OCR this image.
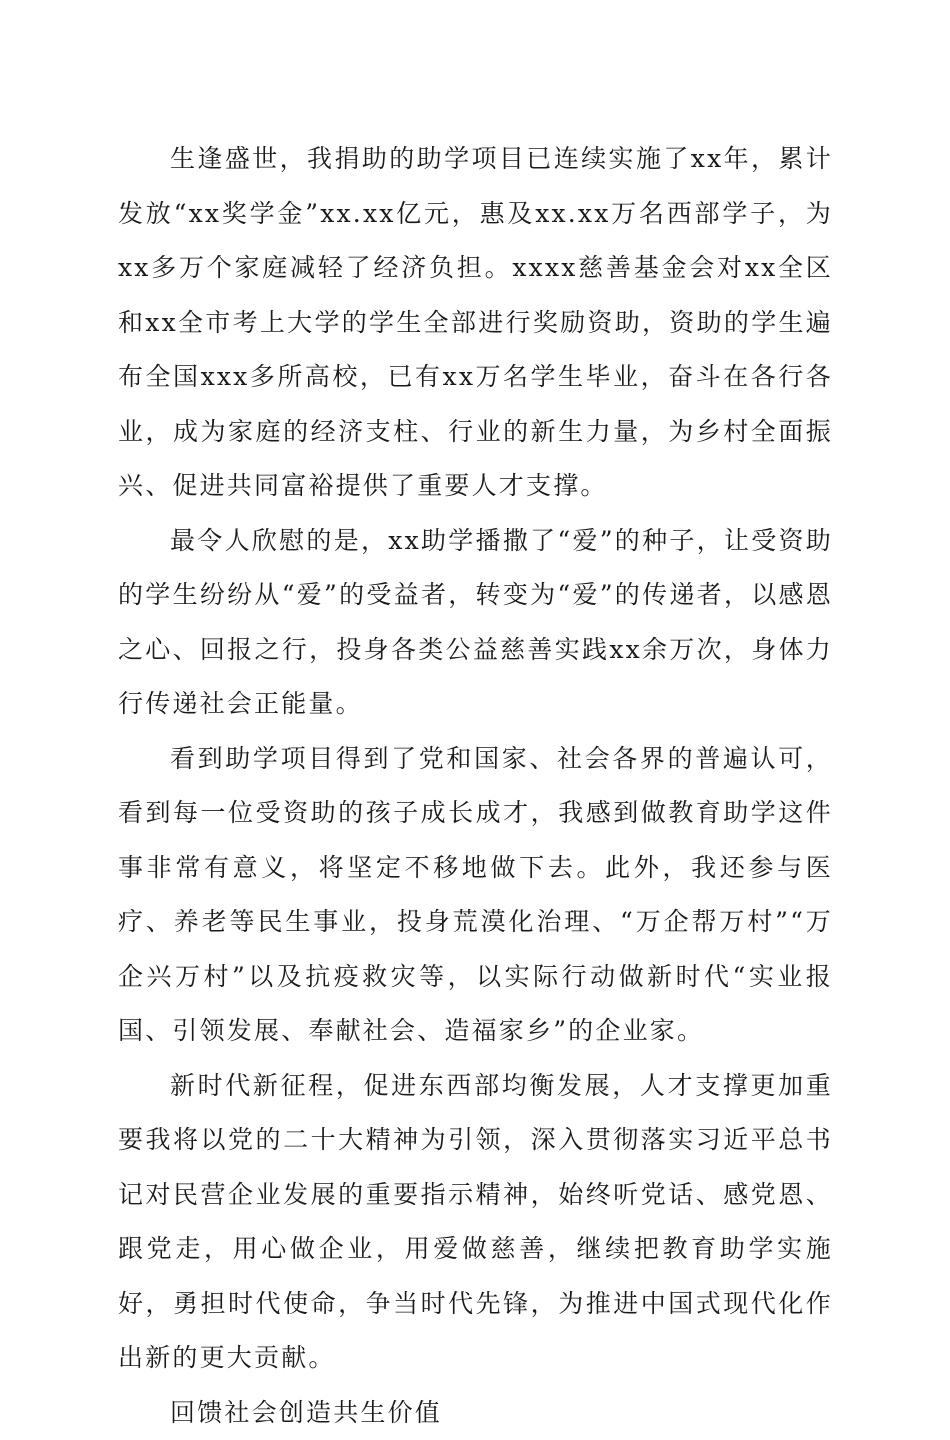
生逢盛世，我捐助的助学项目已连续实施了xx年，累计发放“xx奖学金”xx.xx亿元，惠及xx.xx万名西部学子，为xx多万个家庭减轻了经济负担。xxxx慈善基金会对xx全区和xx全市考上大学的学生全部进行奖励资助，资助的学生遍布全国xxx多所高校，已有xx万名学生毕业，奋斗在各行各业，成为家庭的经济支柱、行业的新生力量，为乡村全面振兴、促进共同富裕提供了重要人才支撑。

最令人欣慰的是，xx助学播撒了“爱”的种子，让受资助的学生纷纷从“爱”的受益者，转变为“爱”的传递者，以感恩之心、回报之行，投身各类公益慈善实践xx余万次，身体力行传递社会正能量。

看到助学项目得到了党和国家、社会各界的普遍认可，看到每一位受资助的孩子成长成才，我感到做教育助学这件事非常有意义，将坚定不移地做下去。此外，我还参与医疗、养老等民生事业，投身荒漠化治理、“万企帮万村”“万企兴万村”以及抗疫救灾等，以实际行动做新时代“实业报国、引领发展、奉献社会、造福家乡”的企业家。

新时代新征程，促进东西部均衡发展，人才支撑更加重要我将以党的二十大精神为引领，深入贯彻落实习近平总书记对民营企业发展的重要指示精神，始终听党话、感党恩、跟党走，用心做企业，用爱做慈善，继续把教育助学实施好，勇担时代使命，争当时代先锋，为推进中国式现代化作出新的更大贡献。

回馈社会创造共生价值
